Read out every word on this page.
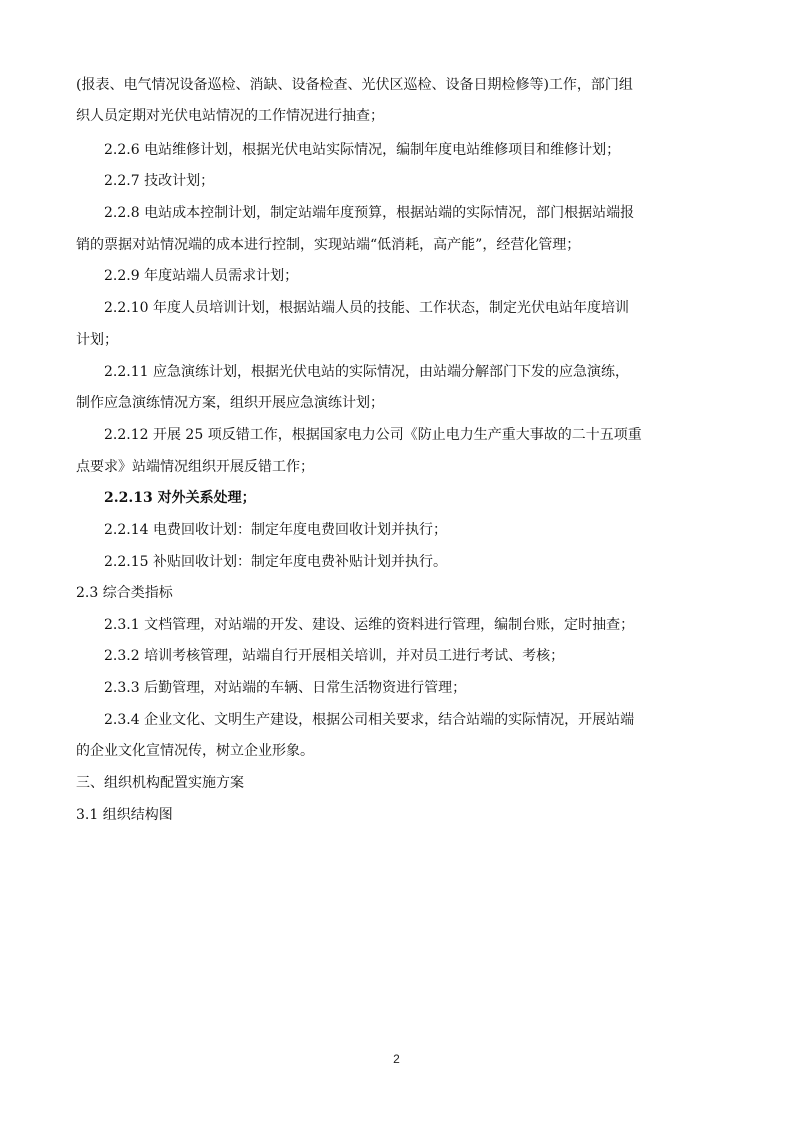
(报表、电气情况设备巡检、消缺、设备检查、光伏区巡检、设备日期检修等)工作，部门组
织人员定期对光伏电站情况的工作情况进行抽查；
2.2.6 电站维修计划，根据光伏电站实际情况，编制年度电站维修项目和维修计划；
2.2.7 技改计划；
2.2.8 电站成本控制计划，制定站端年度预算，根据站端的实际情况，部门根据站端报
销的票据对站情况端的成本进行控制，实现站端“低消耗，高产能”，经营化管理；
2.2.9 年度站端人员需求计划；
2.2.10 年度人员培训计划，根据站端人员的技能、工作状态，制定光伏电站年度培训
计划；
2.2.11 应急演练计划，根据光伏电站的实际情况，由站端分解部门下发的应急演练，
制作应急演练情况方案，组织开展应急演练计划；
2.2.12 开展 25 项反错工作，根据国家电力公司《防止电力生产重大事故的二十五项重
点要求》站端情况组织开展反错工作；
2.2.13 对外关系处理；
2.2.14 电费回收计划：制定年度电费回收计划并执行；
2.2.15 补贴回收计划：制定年度电费补贴计划并执行。
2.3 综合类指标
2.3.1 文档管理，对站端的开发、建设、运维的资料进行管理，编制台账，定时抽查；
2.3.2 培训考核管理，站端自行开展相关培训，并对员工进行考试、考核；
2.3.3 后勤管理，对站端的车辆、日常生活物资进行管理；
2.3.4 企业文化、文明生产建设，根据公司相关要求，结合站端的实际情况，开展站端
的企业文化宣情况传，树立企业形象。
三、组织机构配置实施方案
3.1 组织结构图
2
